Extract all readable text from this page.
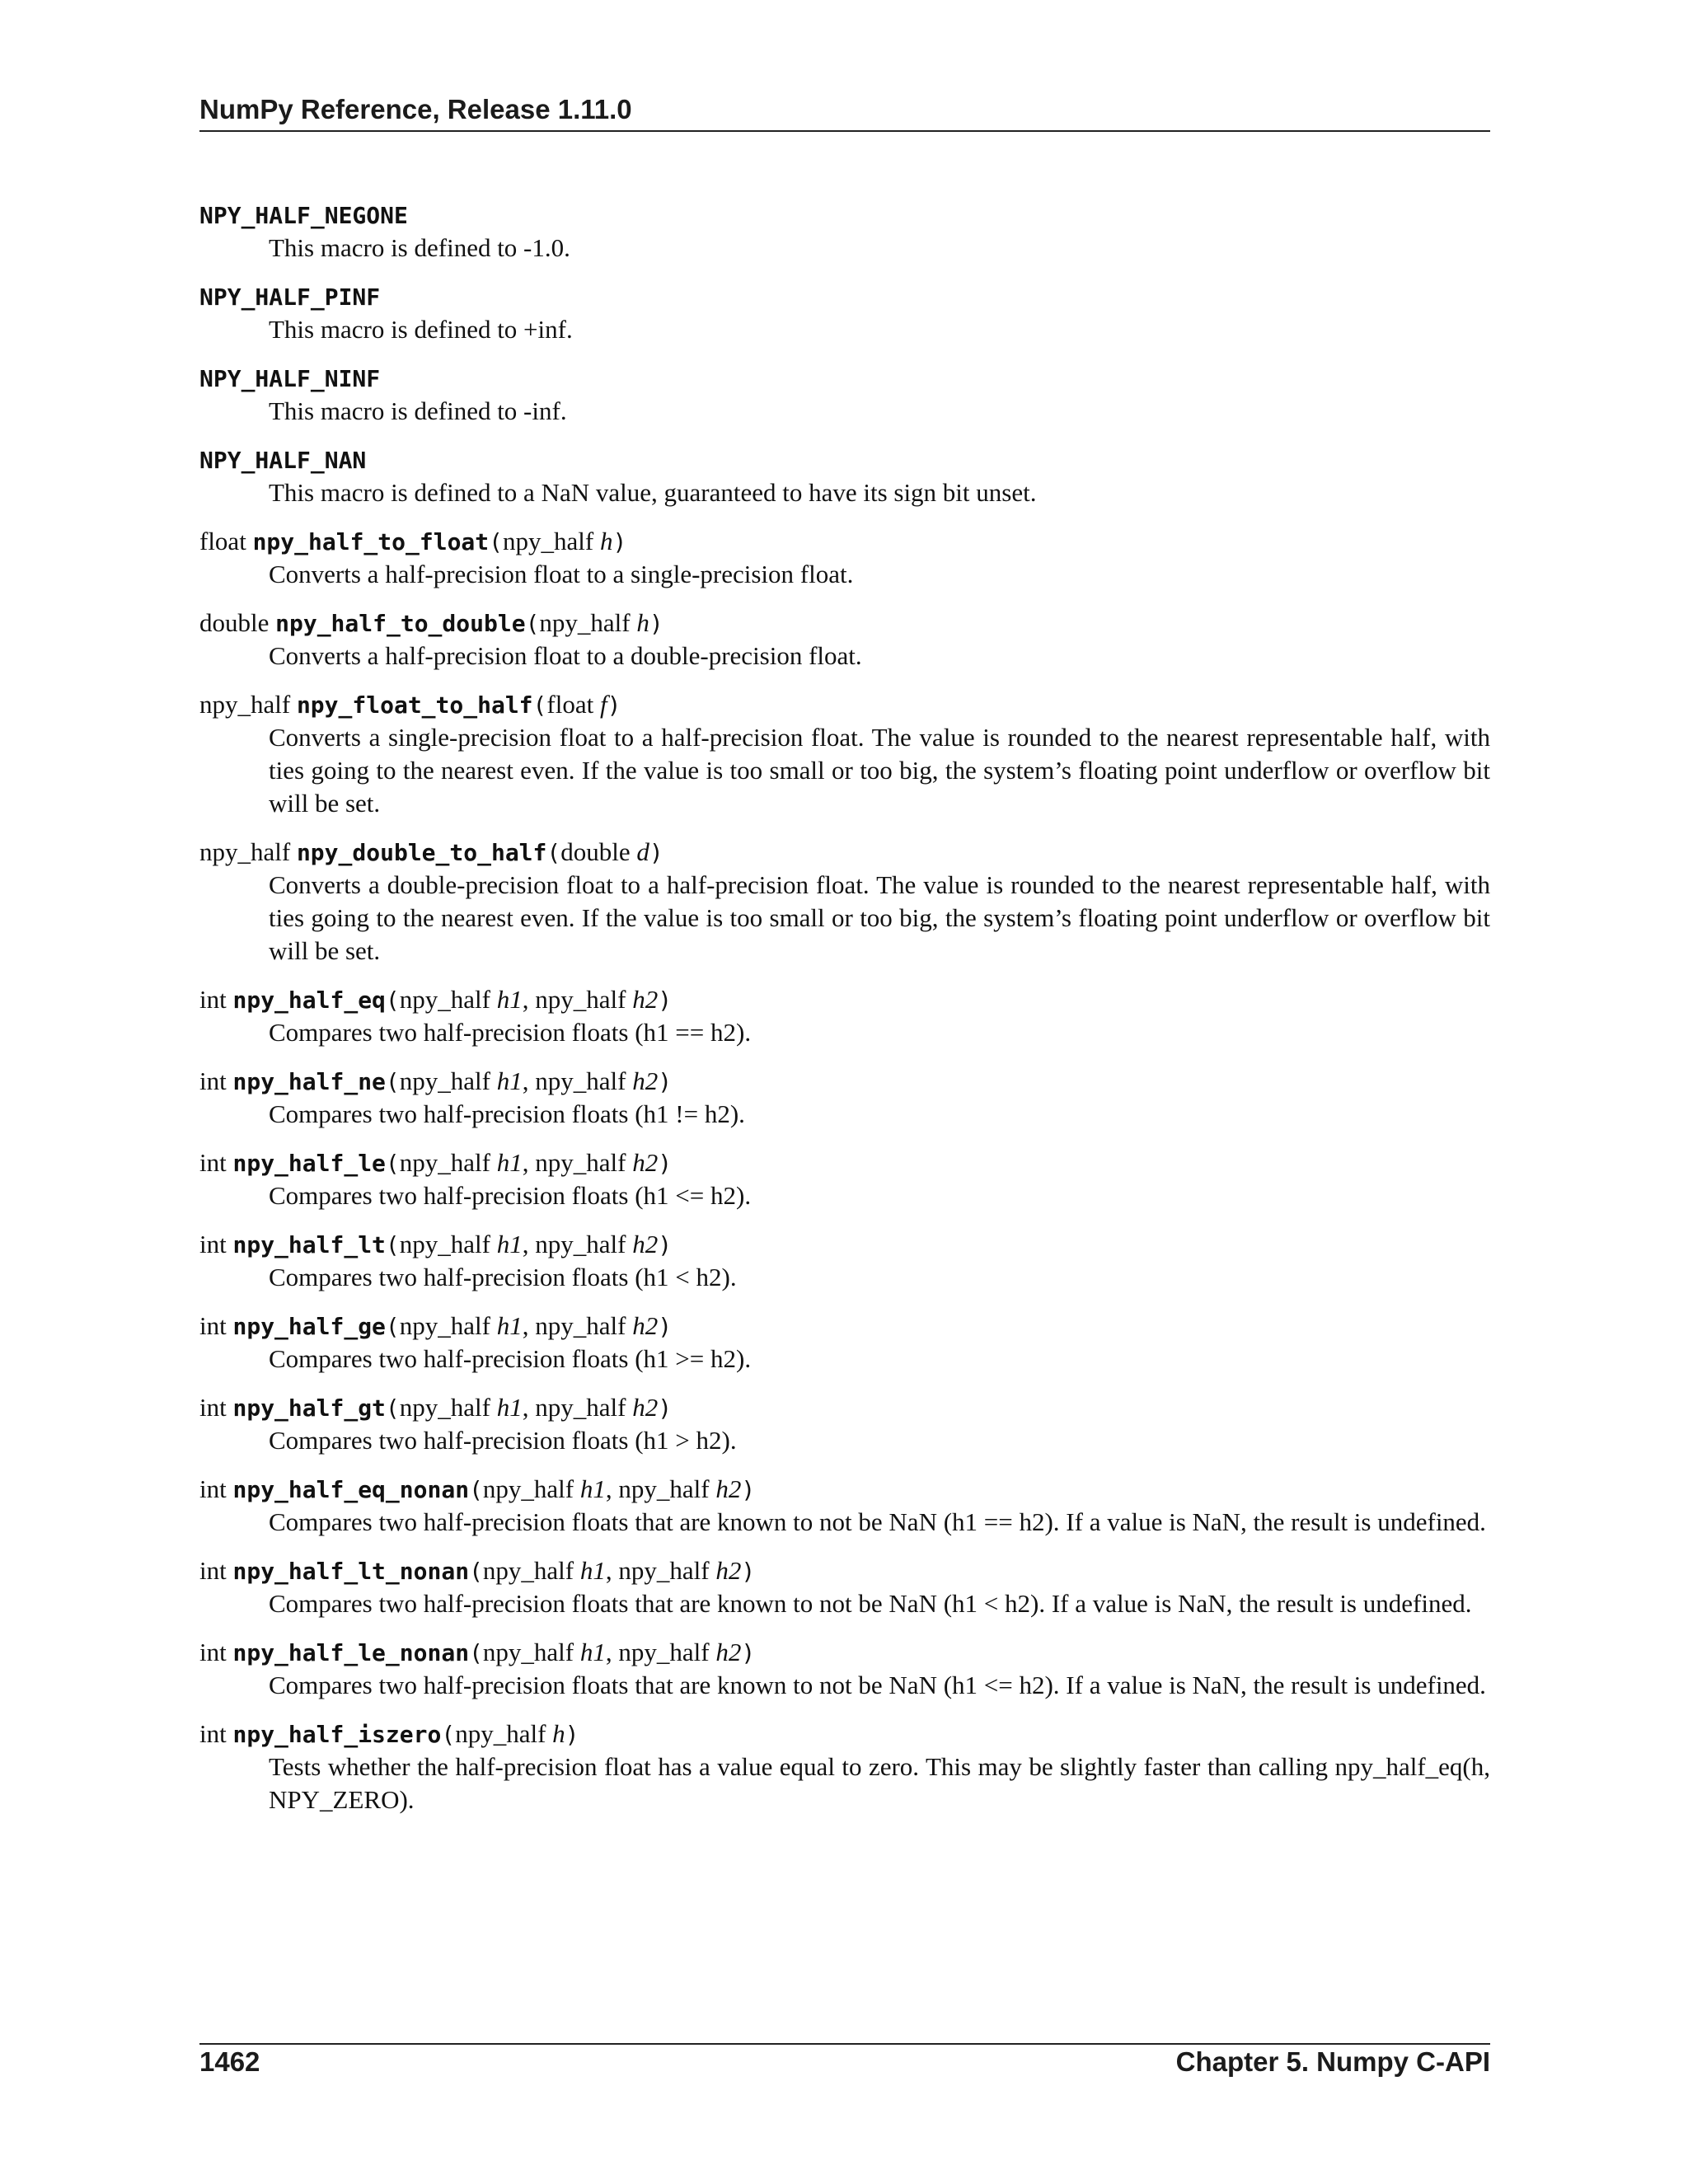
NumPy Reference, Release 1.11.0
NPY_HALF_NEGONE
This macro is defined to -1.0.
NPY_HALF_PINF
This macro is defined to +inf.
NPY_HALF_NINF
This macro is defined to -inf.
NPY_HALF_NAN
This macro is defined to a NaN value, guaranteed to have its sign bit unset.
float npy_half_to_float(npy_half h)
Converts a half-precision float to a single-precision float.
double npy_half_to_double(npy_half h)
Converts a half-precision float to a double-precision float.
npy_half npy_float_to_half(float f)
Converts a single-precision float to a half-precision float. The value is rounded to the nearest representable half, with ties going to the nearest even. If the value is too small or too big, the system’s floating point underflow or overflow bit will be set.
npy_half npy_double_to_half(double d)
Converts a double-precision float to a half-precision float. The value is rounded to the nearest representable half, with ties going to the nearest even. If the value is too small or too big, the system’s floating point underflow or overflow bit will be set.
int npy_half_eq(npy_half h1, npy_half h2)
Compares two half-precision floats (h1 == h2).
int npy_half_ne(npy_half h1, npy_half h2)
Compares two half-precision floats (h1 != h2).
int npy_half_le(npy_half h1, npy_half h2)
Compares two half-precision floats (h1 <= h2).
int npy_half_lt(npy_half h1, npy_half h2)
Compares two half-precision floats (h1 < h2).
int npy_half_ge(npy_half h1, npy_half h2)
Compares two half-precision floats (h1 >= h2).
int npy_half_gt(npy_half h1, npy_half h2)
Compares two half-precision floats (h1 > h2).
int npy_half_eq_nonan(npy_half h1, npy_half h2)
Compares two half-precision floats that are known to not be NaN (h1 == h2). If a value is NaN, the result is undefined.
int npy_half_lt_nonan(npy_half h1, npy_half h2)
Compares two half-precision floats that are known to not be NaN (h1 < h2). If a value is NaN, the result is undefined.
int npy_half_le_nonan(npy_half h1, npy_half h2)
Compares two half-precision floats that are known to not be NaN (h1 <= h2). If a value is NaN, the result is undefined.
int npy_half_iszero(npy_half h)
Tests whether the half-precision float has a value equal to zero. This may be slightly faster than calling npy_half_eq(h, NPY_ZERO).
1462	Chapter 5. Numpy C-API
